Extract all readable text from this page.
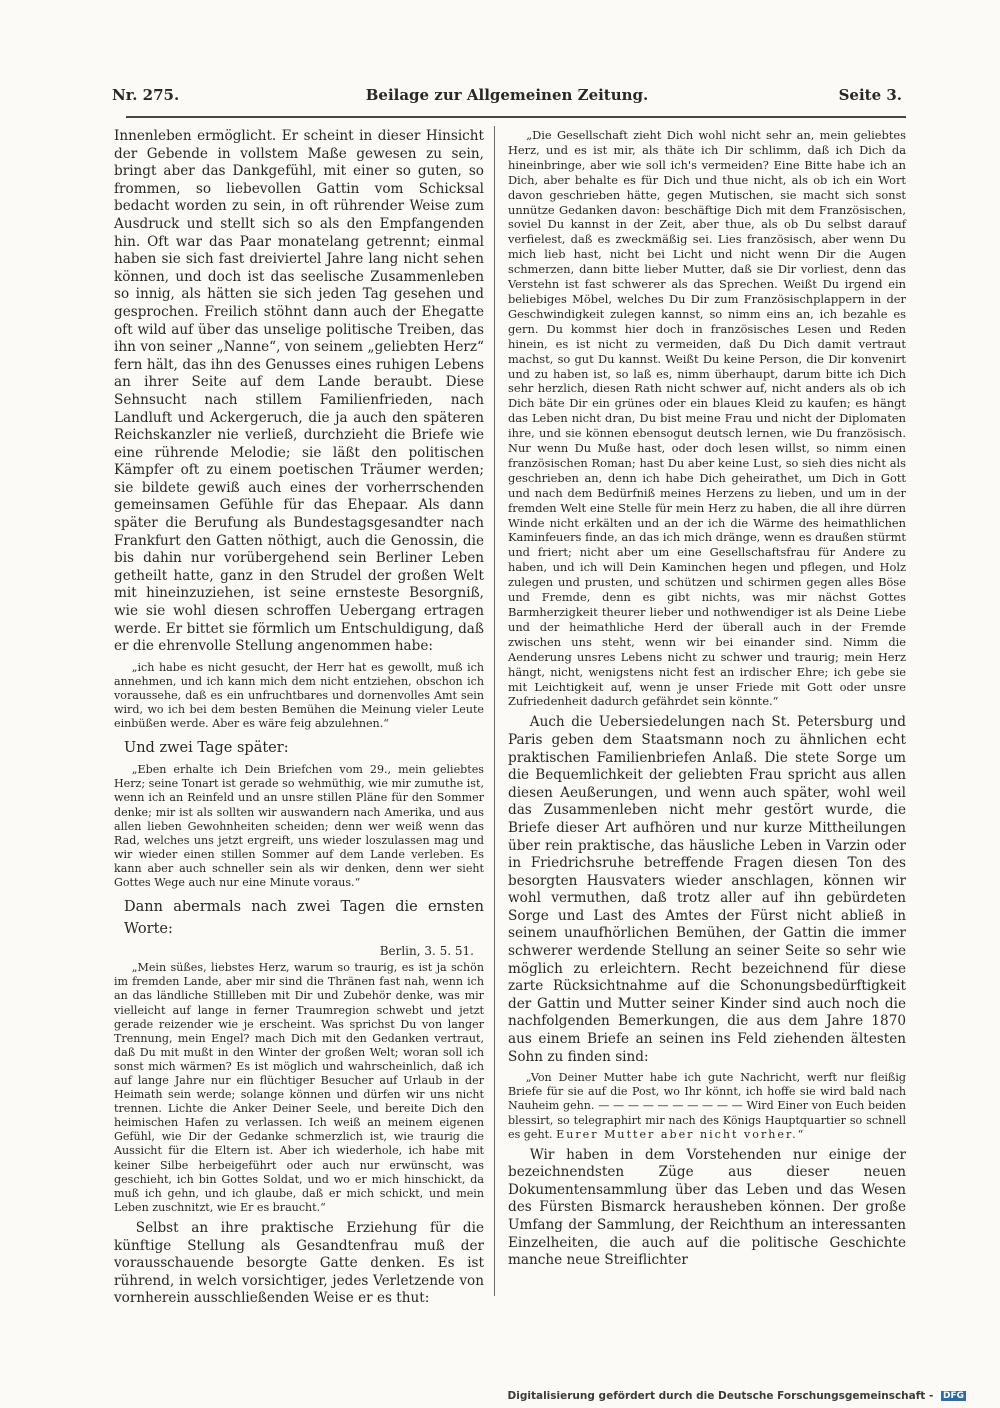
Nr. 275.	Beilage zur Allgemeinen Zeitung.	Seite 3.

Innenleben ermöglicht. Er scheint in dieser Hinsicht der Gebende in vollstem Maße gewesen zu sein, bringt aber das Dankgefühl, mit einer so guten, so frommen, so liebevollen Gattin vom Schicksal bedacht worden zu sein, in oft rührender Weise zum Ausdruck und stellt sich so als den Empfangenden hin. Oft war das Paar monatelang getrennt; einmal haben sie sich fast dreiviertel Jahre lang nicht sehen können, und doch ist das seelische Zusammenleben so innig, als hätten sie sich jeden Tag gesehen und gesprochen. Freilich stöhnt dann auch der Ehegatte oft wild auf über das unselige politische Treiben, das ihn von seiner „Nanne“, von seinem „geliebten Herz“ fern hält, das ihn des Genusses eines ruhigen Lebens an ihrer Seite auf dem Lande beraubt. Diese Sehnsucht nach stillem Familienfrieden, nach Landluft und Ackergeruch, die ja auch den späteren Reichskanzler nie verließ, durchzieht die Briefe wie eine rührende Melodie; sie läßt den politischen Kämpfer oft zu einem poetischen Träumer werden; sie bildete gewiß auch eines der vorherrschenden gemeinsamen Gefühle für das Ehepaar. Als dann später die Berufung als Bundestagsgesandter nach Frankfurt den Gatten nöthigt, auch die Genossin, die bis dahin nur vorübergehend sein Berliner Leben getheilt hatte, ganz in den Strudel der großen Welt mit hineinzuziehen, ist seine ernsteste Besorgniß, wie sie wohl diesen schroffen Uebergang ertragen werde. Er bittet sie förmlich um Entschuldigung, daß er die ehrenvolle Stellung angenommen habe:

„ich habe es nicht gesucht, der Herr hat es gewollt, muß ich annehmen, und ich kann mich dem nicht entziehen, obschon ich voraussehe, daß es ein unfruchtbares und dornenvolles Amt sein wird, wo ich bei dem besten Bemühen die Meinung vieler Leute einbüßen werde. Aber es wäre feig abzulehnen.“

Und zwei Tage später:

„Eben erhalte ich Dein Briefchen vom 29., mein geliebtes Herz; seine Tonart ist gerade so wehmüthig, wie mir zumuthe ist, wenn ich an Reinfeld und an unsre stillen Pläne für den Sommer denke; mir ist als sollten wir auswandern nach Amerika, und aus allen lieben Gewohnheiten scheiden; denn wer weiß wenn das Rad, welches uns jetzt ergreift, uns wieder loszulassen mag und wir wieder einen stillen Sommer auf dem Lande verleben. Es kann aber auch schneller sein als wir denken, denn wer sieht Gottes Wege auch nur eine Minute voraus.“

Dann abermals nach zwei Tagen die ernsten Worte:

Berlin, 3. 5. 51.

„Mein süßes, liebstes Herz, warum so traurig, es ist ja schön im fremden Lande, aber mir sind die Thränen fast nah, wenn ich an das ländliche Stillleben mit Dir und Zubehör denke, was mir vielleicht auf lange in ferner Traumregion schwebt und jetzt gerade reizender wie je erscheint. Was sprichst Du von langer Trennung, mein Engel? mach Dich mit den Gedanken vertraut, daß Du mit mußt in den Winter der großen Welt; woran soll ich sonst mich wärmen? Es ist möglich und wahrscheinlich, daß ich auf lange Jahre nur ein flüchtiger Besucher auf Urlaub in der Heimath sein werde; solange können und dürfen wir uns nicht trennen. Lichte die Anker Deiner Seele, und bereite Dich den heimischen Hafen zu verlassen. Ich weiß an meinem eigenen Gefühl, wie Dir der Gedanke schmerzlich ist, wie traurig die Aussicht für die Eltern ist. Aber ich wiederhole, ich habe mit keiner Silbe herbeigeführt oder auch nur erwünscht, was geschieht, ich bin Gottes Soldat, und wo er mich hinschickt, da muß ich gehn, und ich glaube, daß er mich schickt, und mein Leben zuschnitzt, wie Er es braucht.“

Selbst an ihre praktische Erziehung für die künftige Stellung als Gesandtenfrau muß der vorausschauende besorgte Gatte denken. Es ist rührend, in welch vorsichtiger, jedes Verletzende von vornherein ausschließenden Weise er es thut:

„Die Gesellschaft zieht Dich wohl nicht sehr an, mein geliebtes Herz, und es ist mir, als thäte ich Dir schlimm, daß ich Dich da hineinbringe, aber wie soll ich's vermeiden? Eine Bitte habe ich an Dich, aber behalte es für Dich und thue nicht, als ob ich ein Wort davon geschrieben hätte, gegen Mutischen, sie macht sich sonst unnütze Gedanken davon: beschäftige Dich mit dem Französischen, soviel Du kannst in der Zeit, aber thue, als ob Du selbst darauf verfielest, daß es zweckmäßig sei. Lies französisch, aber wenn Du mich lieb hast, nicht bei Licht und nicht wenn Dir die Augen schmerzen, dann bitte lieber Mutter, daß sie Dir vorliest, denn das Verstehn ist fast schwerer als das Sprechen. Weißt Du irgend ein beliebiges Möbel, welches Du Dir zum Französischplappern in der Geschwindigkeit zulegen kannst, so nimm eins an, ich bezahle es gern. Du kommst hier doch in französisches Lesen und Reden hinein, es ist nicht zu vermeiden, daß Du Dich damit vertraut machst, so gut Du kannst. Weißt Du keine Person, die Dir konvenirt und zu haben ist, so laß es, nimm überhaupt, darum bitte ich Dich sehr herzlich, diesen Rath nicht schwer auf, nicht anders als ob ich Dich bäte Dir ein grünes oder ein blaues Kleid zu kaufen; es hängt das Leben nicht dran, Du bist meine Frau und nicht der Diplomaten ihre, und sie können ebensogut deutsch lernen, wie Du französisch. Nur wenn Du Muße hast, oder doch lesen willst, so nimm einen französischen Roman; hast Du aber keine Lust, so sieh dies nicht als geschrieben an, denn ich habe Dich geheirathet, um Dich in Gott und nach dem Bedürfniß meines Herzens zu lieben, und um in der fremden Welt eine Stelle für mein Herz zu haben, die all ihre dürren Winde nicht erkälten und an der ich die Wärme des heimathlichen Kaminfeuers finde, an das ich mich dränge, wenn es draußen stürmt und friert; nicht aber um eine Gesellschaftsfrau für Andere zu haben, und ich will Dein Kaminchen hegen und pflegen, und Holz zulegen und prusten, und schützen und schirmen gegen alles Böse und Fremde, denn es gibt nichts, was mir nächst Gottes Barmherzigkeit theurer lieber und nothwendiger ist als Deine Liebe und der heimathliche Herd der überall auch in der Fremde zwischen uns steht, wenn wir bei einander sind. Nimm die Aenderung unsres Lebens nicht zu schwer und traurig; mein Herz hängt, nicht, wenigstens nicht fest an irdischer Ehre; ich gebe sie mit Leichtigkeit auf, wenn je unser Friede mit Gott oder unsre Zufriedenheit dadurch gefährdet sein könnte.“

Auch die Uebersiedelungen nach St. Petersburg und Paris geben dem Staatsmann noch zu ähnlichen echt praktischen Familienbriefen Anlaß. Die stete Sorge um die Bequemlichkeit der geliebten Frau spricht aus allen diesen Aeußerungen, und wenn auch später, wohl weil das Zusammenleben nicht mehr gestört wurde, die Briefe dieser Art aufhören und nur kurze Mittheilungen über rein praktische, das häusliche Leben in Varzin oder in Friedrichsruhe betreffende Fragen diesen Ton des besorgten Hausvaters wieder anschlagen, können wir wohl vermuthen, daß trotz aller auf ihn gebürdeten Sorge und Last des Amtes der Fürst nicht abließ in seinem unaufhörlichen Bemühen, der Gattin die immer schwerer werdende Stellung an seiner Seite so sehr wie möglich zu erleichtern. Recht bezeichnend für diese zarte Rücksichtnahme auf die Schonungsbedürftigkeit der Gattin und Mutter seiner Kinder sind auch noch die nachfolgenden Bemerkungen, die aus dem Jahre 1870 aus einem Briefe an seinen ins Feld ziehenden ältesten Sohn zu finden sind:

„Von Deiner Mutter habe ich gute Nachricht, werft nur fleißig Briefe für sie auf die Post, wo Ihr könnt, ich hoffe sie wird bald nach Nauheim gehn. — — — — — — — — — — Wird Einer von Euch beiden blessirt, so telegraphirt mir nach des Königs Hauptquartier so schnell es geht. Eurer Mutter aber nicht vorher.“

Wir haben in dem Vorstehenden nur einige der bezeichnendsten Züge aus dieser neuen Dokumentensammlung über das Leben und das Wesen des Fürsten Bismarck herausheben können. Der große Umfang der Sammlung, der Reichthum an interessanten Einzelheiten, die auch auf die politische Geschichte manche neue Streiflichter

Digitalisierung gefördert durch die Deutsche Forschungsgemeinschaft - DFG
